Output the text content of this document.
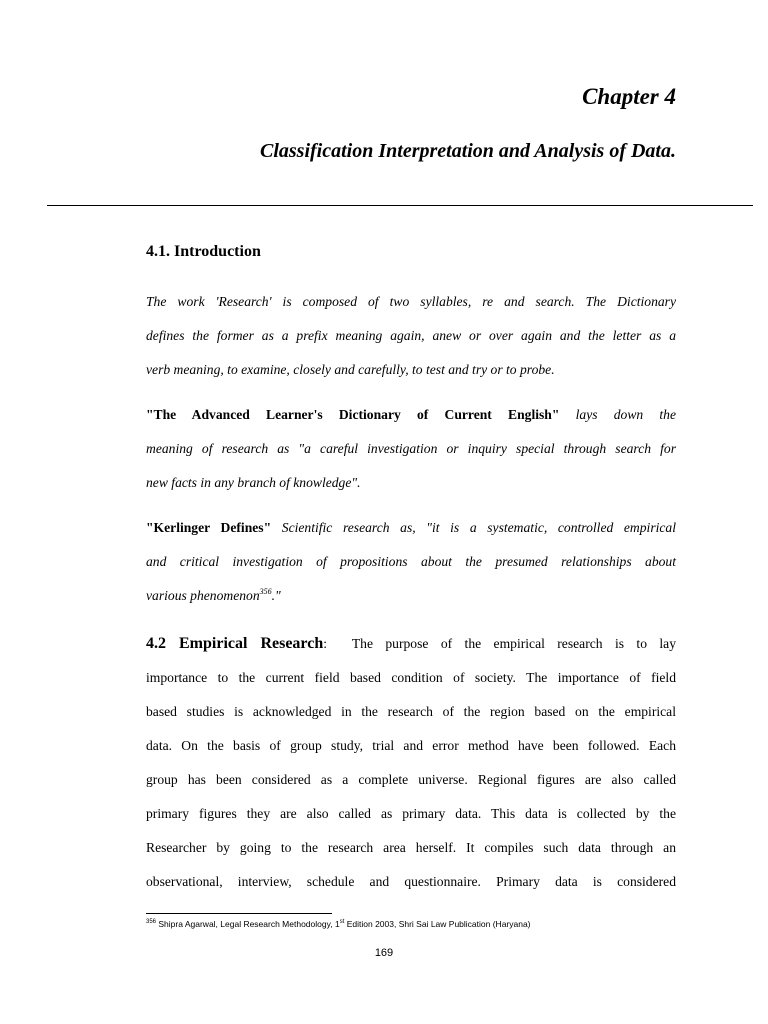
Chapter 4
Classification Interpretation and Analysis of Data.
4.1. Introduction
The work 'Research' is composed of two syllables, re and search. The Dictionary
defines the former as a prefix meaning again, anew or over again and the letter as a
verb meaning, to examine, closely and carefully, to test and try or to probe.
"The Advanced Learner's Dictionary of Current English" lays down the
meaning of research as "a careful investigation or inquiry special through search for
new facts in any branch of knowledge".
"Kerlinger Defines" Scientific research as, "it is a systematic, controlled empirical
and critical investigation of propositions about the presumed relationships about
various phenomenon$^{356}$."
4.2 Empirical Research: The purpose of the empirical research is to lay
importance to the current field based condition of society. The importance of field
based studies is acknowledged in the research of the region based on the empirical
data. On the basis of group study, trial and error method have been followed. Each
group has been considered as a complete universe. Regional figures are also called
primary figures they are also called as primary data. This data is collected by the
Researcher by going to the research area herself. It compiles such data through an
observational, interview, schedule and questionnaire. Primary data is considered
$^{356}$ Shipra Agarwal, Legal Research Methodology, 1st Edition 2003, Shri Sai Law Publication (Haryana)
169
